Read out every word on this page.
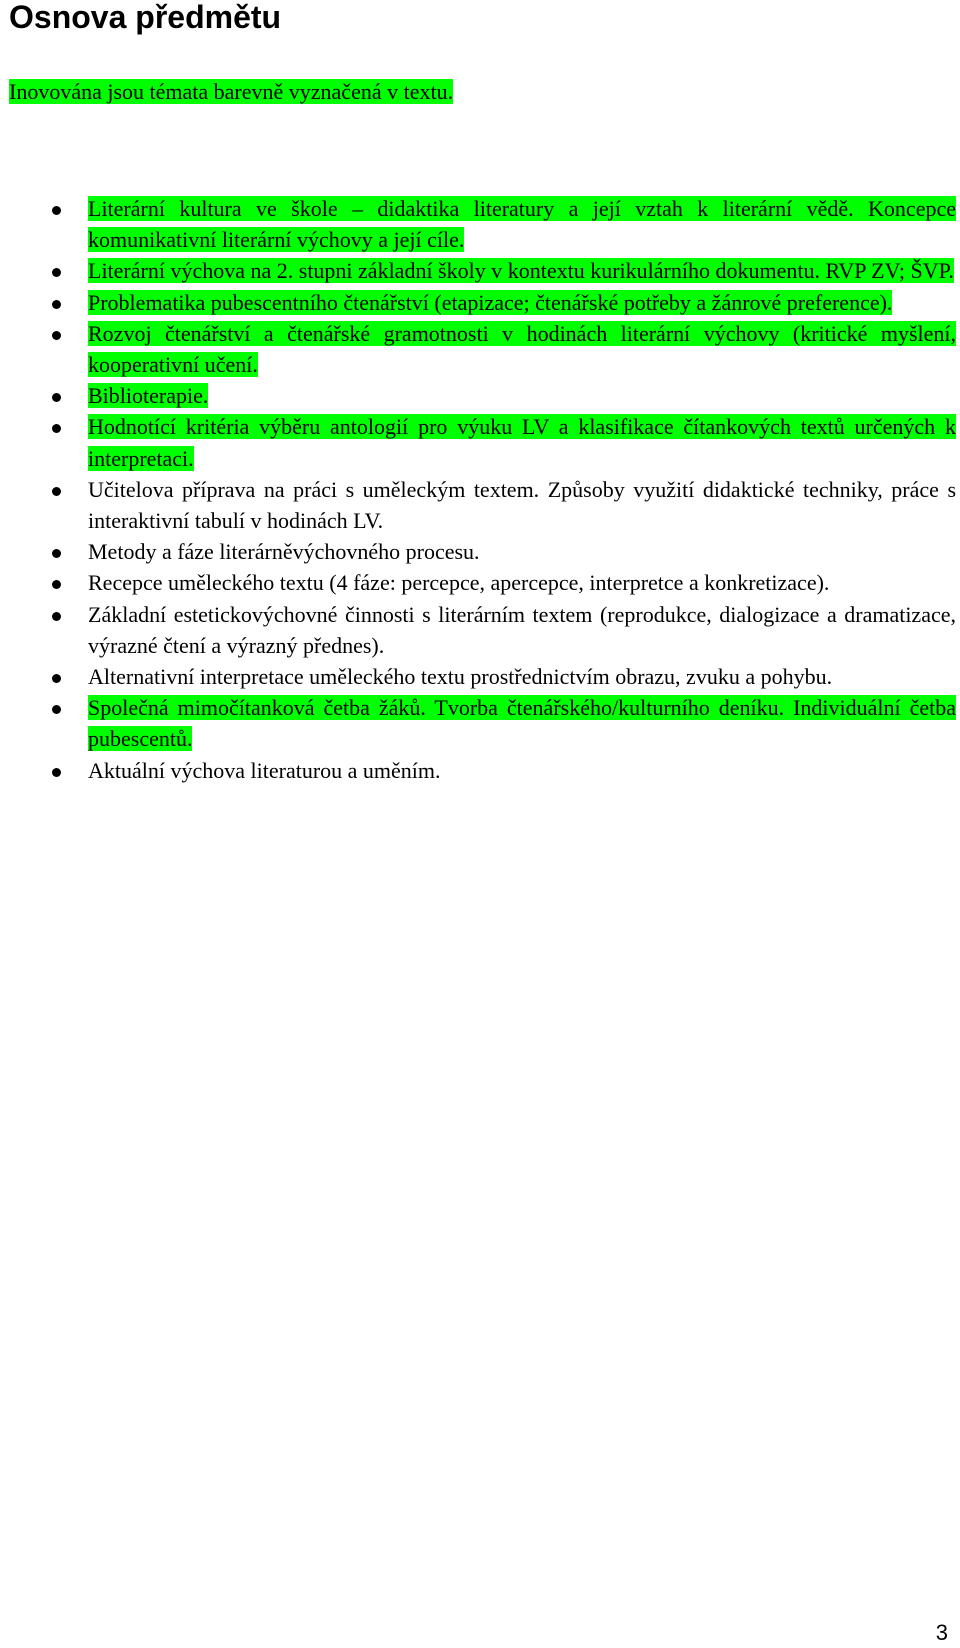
Osnova předmětu

Inovována jsou témata barevně vyznačená v textu.

Literární kultura ve škole – didaktika literatury a její vztah k literární vědě. Koncepce komunikativní literární výchovy a její cíle.
Literární výchova na 2. stupni základní školy v kontextu kurikulárního dokumentu. RVP ZV; ŠVP.
Problematika pubescentního čtenářství (etapizace; čtenářské potřeby a žánrové preference).
Rozvoj čtenářství a čtenářské gramotnosti v hodinách literární výchovy (kritické myšlení, kooperativní učení.
Biblioterapie.
Hodnotící kritéria výběru antologií pro výuku LV a klasifikace čítankových textů určených k interpretaci.
Učitelova příprava na práci s uměleckým textem. Způsoby využití didaktické techniky, práce s interaktivní tabulí v hodinách LV.
Metody a fáze literárněvýchovného procesu.
Recepce uměleckého textu (4 fáze: percepce, apercepce, interpretce a konkretizace).
Základní estetickovýchovné činnosti s literárním textem (reprodukce, dialogizace a dramatizace, výrazné čtení a výrazný přednes).
Alternativní interpretace uměleckého textu prostřednictvím obrazu, zvuku a pohybu.
Společná mimočítanková četba žáků. Tvorba čtenářského/kulturního deníku. Individuální četba pubescentů.
Aktuální výchova literaturou a uměním.
3
